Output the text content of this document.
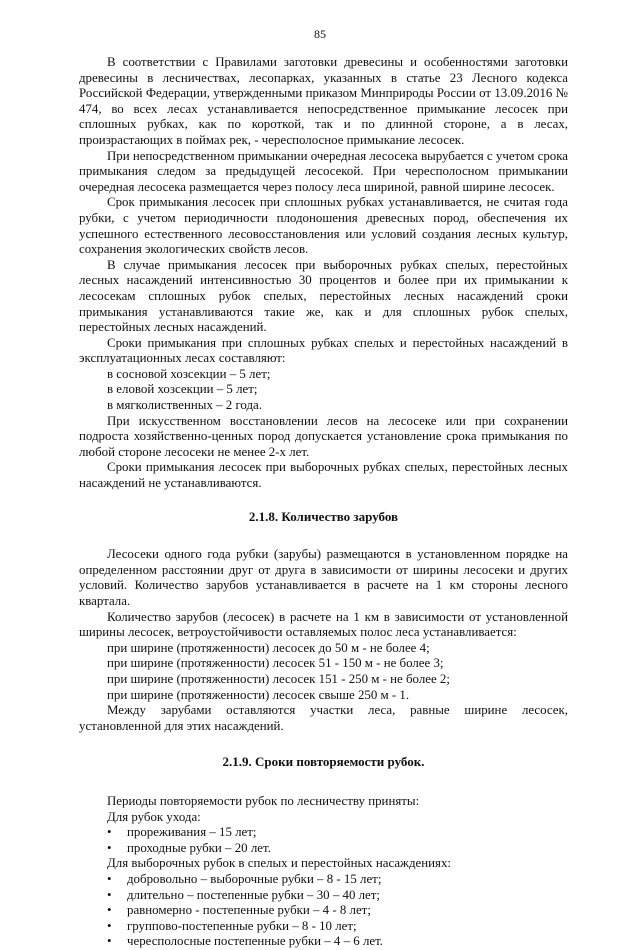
85

В соответствии с Правилами заготовки древесины и особенностями заготовки древесины в лесничествах, лесопарках, указанных в статье 23 Лесного кодекса Российской Федерации, утвержденными приказом Минприроды России от 13.09.2016 № 474, во всех лесах устанавливается непосредственное примыкание лесосек при сплошных рубках, как по короткой, так и по длинной стороне, а в лесах, произрастающих в поймах рек, - чересполосное примыкание лесосек.

При непосредственном примыкании очередная лесосека вырубается с учетом срока примыкания следом за предыдущей лесосекой. При чересполосном примыкании очередная лесосека размещается через полосу леса шириной, равной ширине лесосек.

Срок примыкания лесосек при сплошных рубках устанавливается, не считая года рубки, с учетом периодичности плодоношения древесных пород, обеспечения их успешного естественного лесовосстановления или условий создания лесных культур, сохранения экологических свойств лесов.

В случае примыкания лесосек при выборочных рубках спелых, перестойных лесных насаждений интенсивностью 30 процентов и более при их примыкании к лесосекам сплошных рубок спелых, перестойных лесных насаждений сроки примыкания устанавливаются такие же, как и для сплошных рубок спелых, перестойных лесных насаждений.

Сроки примыкания при сплошных рубках спелых и перестойных насаждений в эксплуатационных лесах составляют:

в сосновой хозсекции – 5 лет;
в еловой хозсекции – 5 лет;
в мягколиственных – 2 года.

При искусственном восстановлении лесов на лесосеке или при сохранении подроста хозяйственно-ценных пород допускается установление срока примыкания по любой стороне лесосеки не менее 2-х лет.

Сроки примыкания лесосек при выборочных рубках спелых, перестойных лесных насаждений не устанавливаются.

2.1.8. Количество зарубов

Лесосеки одного года рубки (зарубы) размещаются в установленном порядке на определенном расстоянии друг от друга в зависимости от ширины лесосеки и других условий. Количество зарубов устанавливается в расчете на 1 км стороны лесного квартала.

Количество зарубов (лесосек) в расчете на 1 км в зависимости от установленной ширины лесосек, ветроустойчивости оставляемых полос леса устанавливается:

при ширине (протяженности) лесосек до 50 м - не более 4;
при ширине (протяженности) лесосек 51 - 150 м - не более 3;
при ширине (протяженности) лесосек 151 - 250 м - не более 2;
при ширине (протяженности) лесосек свыше 250 м - 1.

Между зарубами оставляются участки леса, равные ширине лесосек, установленной для этих насаждений.

2.1.9. Сроки повторяемости рубок.
Периоды повторяемости рубок по лесничеству приняты:
Для рубок ухода:
• прореживания – 15 лет;
• проходные рубки – 20 лет.
Для выборочных рубок в спелых и перестойных насаждениях:
• добровольно – выборочные рубки – 8 - 15 лет;
• длительно – постепенные рубки – 30 – 40 лет;
• равномерно - постепенные рубки – 4 - 8 лет;
• группово-постепенные рубки – 8 - 10 лет;
• чересполосные постепенные рубки – 4 – 6 лет.
